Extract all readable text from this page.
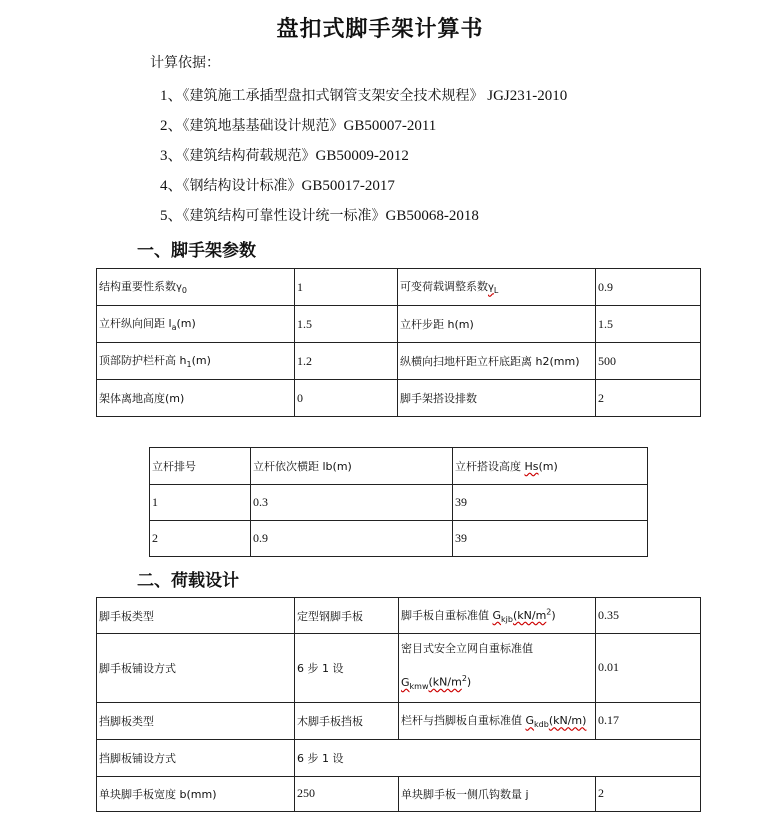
盘扣式脚手架计算书
计算依据：
1、《建筑施工承插型盘扣式钢管支架安全技术规程》 JGJ231-2010
2、《建筑地基基础设计规范》GB50007-2011
3、《建筑结构荷载规范》GB50009-2012
4、《钢结构设计标准》GB50017-2017
5、《建筑结构可靠性设计统一标准》GB50068-2018
一、脚手架参数
结构重要性系数$\gamma_0$	1	可变荷载调整系数$\gamma_L$	0.9
立杆纵向间距 $l_a(m)$	1.5	立杆步距 h(m)	1.5
顶部防护栏杆高 $h_1(m)$	1.2	纵横向扫地杆距立杆底距离 h2(mm)	500
架体离地高度(m)	0	脚手架搭设排数	2
立杆排号	立杆依次横距 lb(m)	立杆搭设高度 Hs(m)
1	0.3	39
2	0.9	39
二、荷载设计
脚手板类型	定型钢脚手板	脚手板自重标准值 $G_{kjb}(kN/m^2)$	0.35
脚手板铺设方式	6 步 1 设	密目式安全立网自重标准值
$G_{kmw}(kN/m^2)$	0.01
挡脚板类型	木脚手板挡板	栏杆与挡脚板自重标准值 $G_{kdb}(kN/m)$	0.17
挡脚板铺设方式	6 步 1 设		
单块脚手板宽度 b(mm)	250	单块脚手板一侧爪钩数量 j	2
